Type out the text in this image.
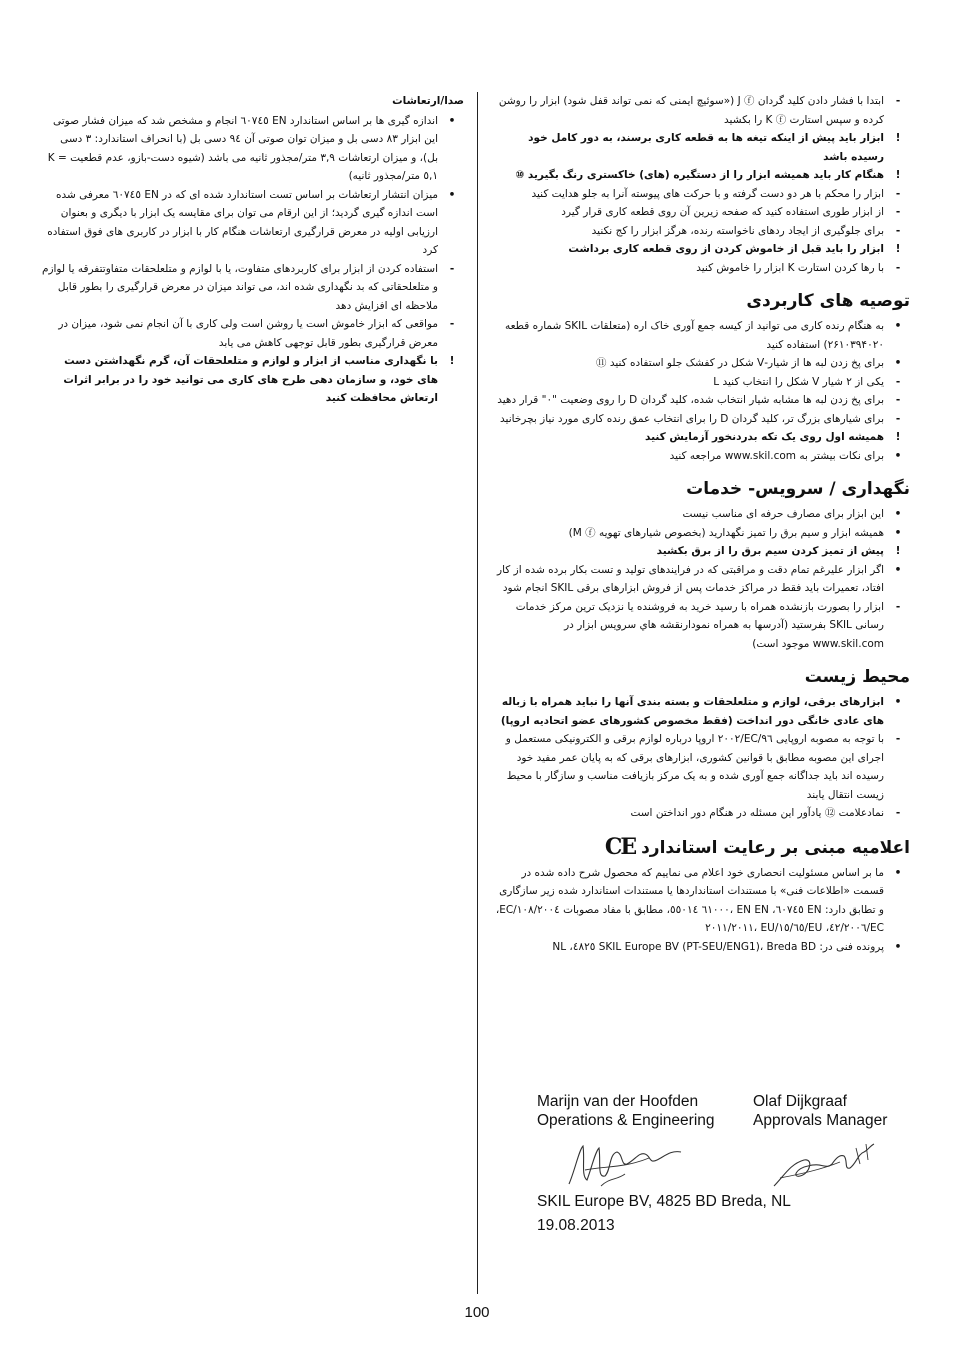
-
ابتدا با فشار دادن کلید گردان J ⓕ («سوئیچ ایمنی که نمی تواند قفل شود) ابزار را روشن کرده و سپس استارت K ⓕ را بکشید
!
ابزار باید پیش از اینکه تیغه ها به قطعه کاری برسند، به دور کامل خود رسیده باشد
!
هنگام کار باید همیشه ابزار را از دستگیره (های) خاکستری رنگ بگیرید ⑩
-
ابزار را محکم با هر دو دست گرفته و با حرکت های پیوسته آنرا به جلو هدایت کنید
-
از ابزار طوری استفاده کنید که صفحه زیرین آن روی قطعه کاری قرار گیرد
-
برای جلوگیری از ایجاد ردهای ناخواسته رنده، هرگز ابزار را کج نکنید
!
ابزار را باید قبل از خاموش کردن از روی قطعه کاری برداشت
-
با رها کردن استارت K ابزار را خاموش کنید
توصیه های کاربردی
•
به هنگام رنده کاری می توانید از کیسه جمع آوری خاک اره (متعلقات SKIL شماره قطعه ۲۶۱۰۳۹۴۰۲۰) استفاده کنید
•
برای پخ زدن لبه ها از شیار-V شکل در کفشک جلو استفاده کنید ⑪
-
یکی از ۲ شیار V شکل را انتخاب کنید L
-
برای پخ زدن لبه ها مشابه شیار انتخاب شده، کلید گردان D را روی وضعیت "۰" قرار دهید
-
برای شیارهای بزرگ تر، کلید گردان D را برای انتخاب عمق رنده کاری مورد نیاز بچرخانید
!
همیشه اول روی یک تکه بدردنخور آزمایش کنید
•
برای نکات بیشتر به www.skil.com مراجعه کنید
نگهداری / سرویس- خدمات
•
این ابزار برای مصارف حرفه ای مناسب نیست
•
همیشه ابزار و سیم برق را تمیز نگهدارید (بخصوص شیارهای تهویه M ⓕ)
!
پیش از تمیز کردن سیم برق را از برق بکشید
•
اگر ابزار علیرغم تمام دقت و مراقبتی که در فرایندهای تولید و تست بکار برده شده از کار افتاد، تعمیرات باید فقط در مراکز خدمات پس از فروش ابزارهای برقی SKIL انجام شود
-
ابزار را بصورت بازنشده همراه با رسید خرید به فروشنده یا نزدیک ترین مرکز خدمات رسانی SKIL بفرستید (آدرسها به همراه نمودارنقشه هاي سرویس ابزار در www.skil.com موجود است)
محیط زیست
•
ابزارهای برقی، لوازم و متلعلحقات و بسته بندی آنها را نباید همراه با زباله های عادی خانگی دور انداخت (فقط مخصوص کشورهای عضو اتحادیه اروپا)
-
با توجه به مصوبه اروپایی EC/۹٦/۲۰۰۲ اروپا درباره لوازم برقی و الکترونیکی مستعمل و اجرای این مصوبه مطابق با قوانین کشوری، ابزارهای برقی که به پایان عمر مفید خود رسیده اند باید جداگانه جمع آوری شده و به یک مرکز بازیافت مناسب و سازگار با محیط زیست انتقال یابند
-
نمادعلامت ⑫ یادآور این مسئله در هنگام دور انداختن است
اعلامیه مبنی بر رعایت استاندارد CE
•
ما بر اساس مسئولیت انحصاری خود اعلام می نماییم که محصول شرح داده شده در قسمت «اطلاعات فنی» با مستندات استانداردها یا مستندات استاندارد شده زیر سازگاری و تطابق دارد: EN ٦۰۷٤٥، EN ٦۱۰۰۰، EN ٥٥۰۱٤، مطابق با مفاد مصوبات EC/۱۰۸/۲۰۰٤، EC/٤۲/۲۰۰٦، EU/٦٥/۲۰۱۱، EU/۱٥/۲۰۱۱
•
پرونده فنی در: SKIL Europe BV (PT-SEU/ENG1)، Breda BD ٤۸۲٥، NL
صدا/ارتعاشات
•
اندازه گیری ها بر اساس استاندارد EN ٦۰۷٤٥ انجام و مشخص شد که میزان فشار صوتی این ابزار ۸۳ دسی بل و میزان توان صوتی آن ۹٤ دسی بل (با انحراف استاندارد: ۳ دسی بل)، و میزان ارتعاشات ۳,۹ متر/مجذور ثانیه می باشد (شیوه دست-بازو، عدم قطعیت K = ۱,٥ متر/مجذور ثانیه)
•
میزان انتشار ارتعاشات بر اساس تست استاندارد شده ای که در EN ٦۰۷٤٥ معرفی شده است اندازه گیری گردید؛ از این ارقام می توان برای مقایسه یک ابزار با دیگری و بعنوان ارزیابی اولیه در معرض قرارگیری ارتعاشات هنگام کار با ابزار در کاربری های فوق استفاده کرد
-
استفاده کردن از ابزار برای کاربردهای متفاوت، یا با لوازم و متلعلحقات متفاوتتفرقه یا لوازم و متلعلحقاتی که بد نگهداری شده اند، می تواند میزان در معرض قرارگیری را بطور قابل ملاحظه ای افزایش دهد
-
مواقعی که ابزار خاموش است یا روشن است ولی کاری با آن انجام نمی شود، میزان در معرض قرارگیری بطور قابل توجهی کاهش می یابد
!
با نگهداری مناسب از ابزار و لوازم و متلعلحقات آن، گرم نگهداشتن دست های خود، و سازمان دهی طرح های کاری می توانید خود را در برابر اثرات ارتعاش محافظت کنید
Marijn van der Hoofden
Operations & Engineering
Olaf Dijkgraaf
Approvals Manager
SKIL Europe BV, 4825 BD Breda, NL
19.08.2013
100
